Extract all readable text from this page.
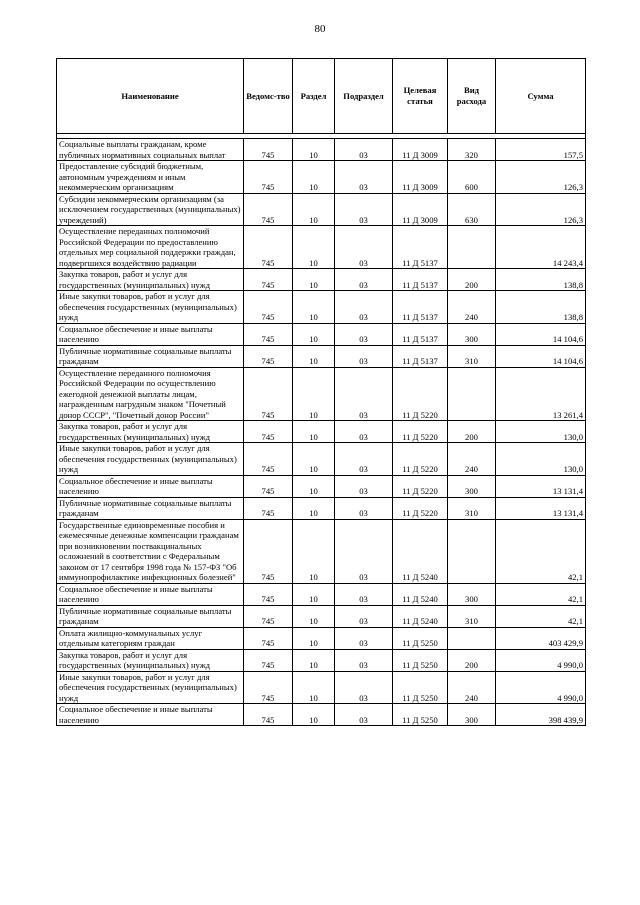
80
Наименование	Ведомс-тво	Раздел	Подраздел	Целевая статья	Вид расхода	Сумма

Социальные выплаты гражданам, кроме публичных нормативных социальных выплат	745	10	03	11 Д 3009	320	157,5
Предоставление субсидий бюджетным, автономным учреждениям и иным некоммерческим организациям	745	10	03	11 Д 3009	600	126,3
Субсидии некоммерческим организациям (за исключением государственных (муниципальных) учреждений)	745	10	03	11 Д 3009	630	126,3
Осуществление переданных полномочий Российской Федерации по предоставлению отдельных мер социальной поддержки граждан, подвергшихся воздействию радиации	745	10	03	11 Д 5137		14 243,4
Закупка товаров, работ и услуг для государственных (муниципальных) нужд	745	10	03	11 Д 5137	200	138,8
Иные закупки товаров, работ и услуг для обеспечения государственных (муниципальных) нужд	745	10	03	11 Д 5137	240	138,8
Социальное обеспечение и иные выплаты населению	745	10	03	11 Д 5137	300	14 104,6
Публичные нормативные социальные выплаты гражданам	745	10	03	11 Д 5137	310	14 104,6
Осуществление переданного полномочия Российской Федерации по осуществлению ежегодной денежной выплаты лицам, награжденным нагрудным знаком "Почетный донор СССР", "Почетный донор России"	745	10	03	11 Д 5220		13 261,4
Закупка товаров, работ и услуг для государственных (муниципальных) нужд	745	10	03	11 Д 5220	200	130,0
Иные закупки товаров, работ и услуг для обеспечения государственных (муниципальных) нужд	745	10	03	11 Д 5220	240	130,0
Социальное обеспечение и иные выплаты населению	745	10	03	11 Д 5220	300	13 131,4
Публичные нормативные социальные выплаты гражданам	745	10	03	11 Д 5220	310	13 131,4
Государственные единовременные пособия и ежемесячные денежные компенсации гражданам при возникновении поствакцинальных осложнений в соответствии с Федеральным законом от 17 сентября 1998 года № 157-ФЗ "Об иммунопрофилактике инфекционных болезней"	745	10	03	11 Д 5240		42,1
Социальное обеспечение и иные выплаты населению	745	10	03	11 Д 5240	300	42,1
Публичные нормативные социальные выплаты гражданам	745	10	03	11 Д 5240	310	42,1
Оплата жилищно-коммунальных услуг отдельным категориям граждан	745	10	03	11 Д 5250		403 429,9
Закупка товаров, работ и услуг для государственных (муниципальных) нужд	745	10	03	11 Д 5250	200	4 990,0
Иные закупки товаров, работ и услуг для обеспечения государственных (муниципальных) нужд	745	10	03	11 Д 5250	240	4 990,0
Социальное обеспечение и иные выплаты населению	745	10	03	11 Д 5250	300	398 439,9
